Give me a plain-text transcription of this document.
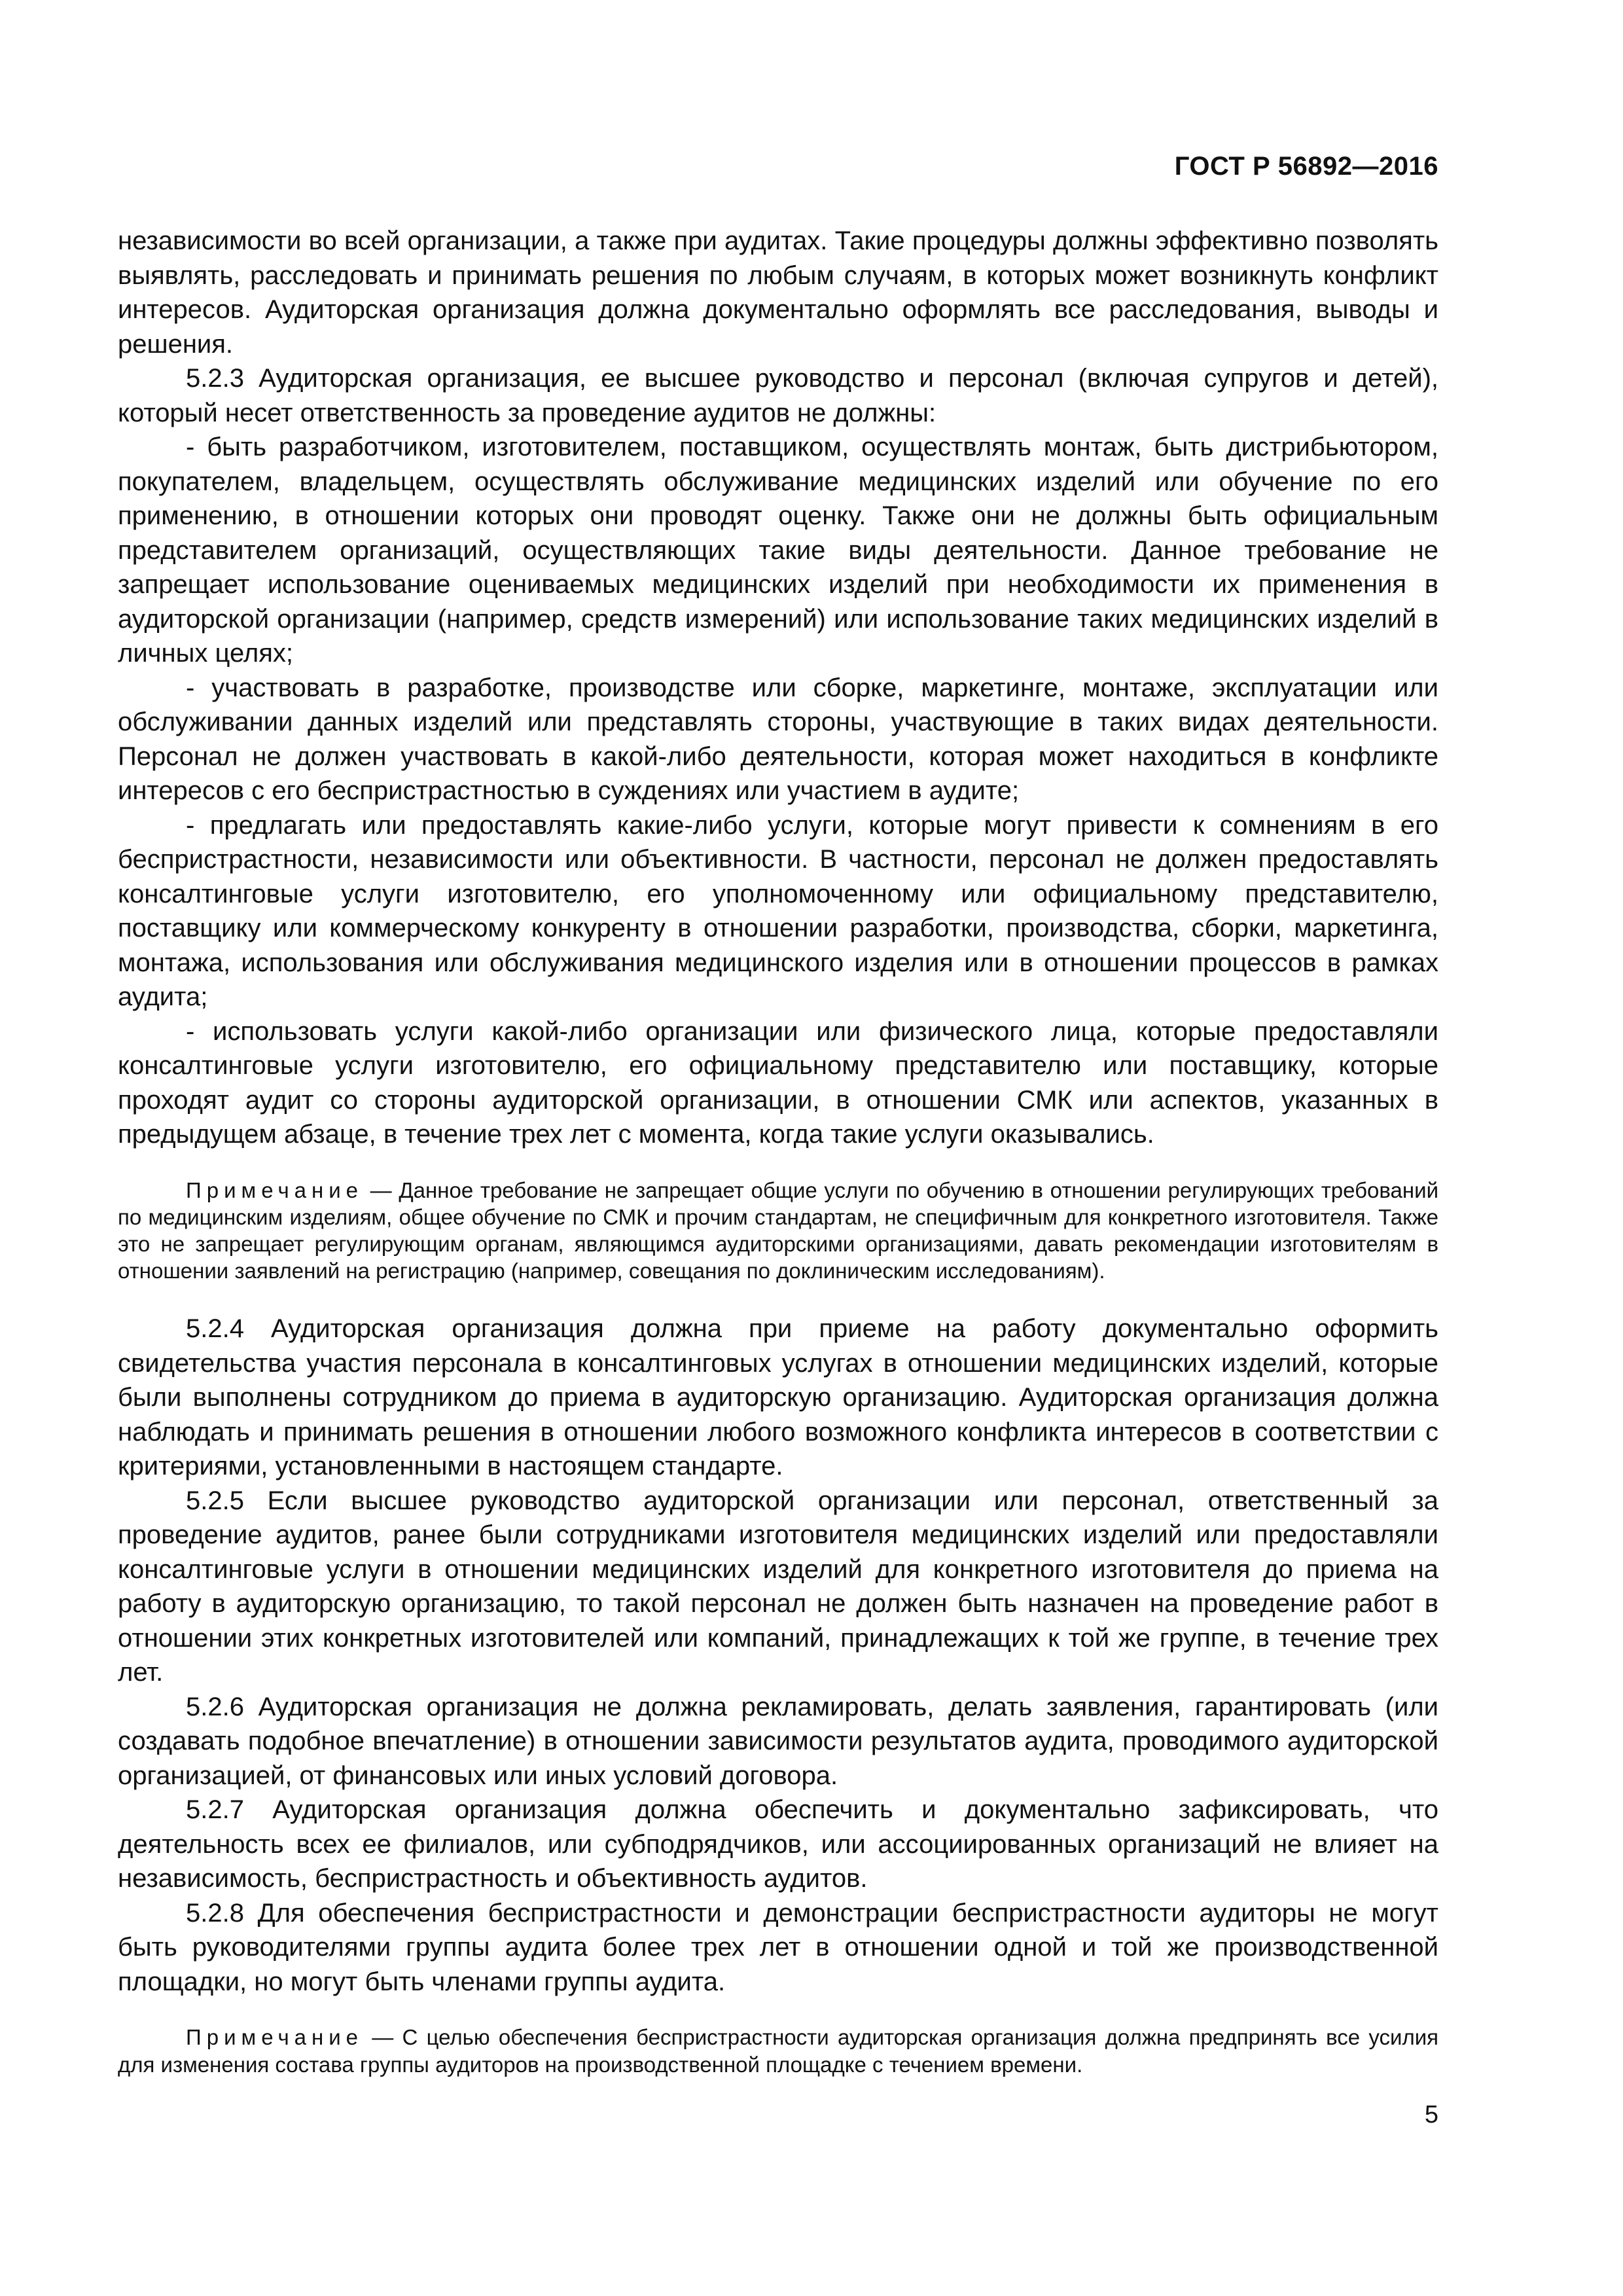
ГОСТ Р 56892—2016

независимости во всей организации, а также при аудитах. Такие процедуры должны эффективно позволять выявлять, расследовать и принимать решения по любым случаям, в которых может возникнуть конфликт интересов. Аудиторская организация должна документально оформлять все расследования, выводы и решения.

5.2.3 Аудиторская организация, ее высшее руководство и персонал (включая супругов и детей), который несет ответственность за проведение аудитов не должны:

- быть разработчиком, изготовителем, поставщиком, осуществлять монтаж, быть дистрибьютором, покупателем, владельцем, осуществлять обслуживание медицинских изделий или обучение по его применению, в отношении которых они проводят оценку. Также они не должны быть официальным представителем организаций, осуществляющих такие виды деятельности. Данное требование не запрещает использование оцениваемых медицинских изделий при необходимости их применения в аудиторской организации (например, средств измерений) или использование таких медицинских изделий в личных целях;

- участвовать в разработке, производстве или сборке, маркетинге, монтаже, эксплуатации или обслуживании данных изделий или представлять стороны, участвующие в таких видах деятельности. Персонал не должен участвовать в какой-либо деятельности, которая может находиться в конфликте интересов с его беспристрастностью в суждениях или участием в аудите;

- предлагать или предоставлять какие-либо услуги, которые могут привести к сомнениям в его беспристрастности, независимости или объективности. В частности, персонал не должен предоставлять консалтинговые услуги изготовителю, его уполномоченному или официальному представителю, поставщику или коммерческому конкуренту в отношении разработки, производства, сборки, маркетинга, монтажа, использования или обслуживания медицинского изделия или в отношении процессов в рамках аудита;

- использовать услуги какой-либо организации или физического лица, которые предоставляли консалтинговые услуги изготовителю, его официальному представителю или поставщику, которые проходят аудит со стороны аудиторской организации, в отношении СМК или аспектов, указанных в предыдущем абзаце, в течение трех лет с момента, когда такие услуги оказывались.

Примечание — Данное требование не запрещает общие услуги по обучению в отношении регулирующих требований по медицинским изделиям, общее обучение по СМК и прочим стандартам, не специфичным для конкретного изготовителя. Также это не запрещает регулирующим органам, являющимся аудиторскими организациями, давать рекомендации изготовителям в отношении заявлений на регистрацию (например, совещания по доклиническим исследованиям).

5.2.4 Аудиторская организация должна при приеме на работу документально оформить свидетельства участия персонала в консалтинговых услугах в отношении медицинских изделий, которые были выполнены сотрудником до приема в аудиторскую организацию. Аудиторская организация должна наблюдать и принимать решения в отношении любого возможного конфликта интересов в соответствии с критериями, установленными в настоящем стандарте.

5.2.5 Если высшее руководство аудиторской организации или персонал, ответственный за проведение аудитов, ранее были сотрудниками изготовителя медицинских изделий или предоставляли консалтинговые услуги в отношении медицинских изделий для конкретного изготовителя до приема на работу в аудиторскую организацию, то такой персонал не должен быть назначен на проведение работ в отношении этих конкретных изготовителей или компаний, принадлежащих к той же группе, в течение трех лет.

5.2.6 Аудиторская организация не должна рекламировать, делать заявления, гарантировать (или создавать подобное впечатление) в отношении зависимости результатов аудита, проводимого аудиторской организацией, от финансовых или иных условий договора.

5.2.7 Аудиторская организация должна обеспечить и документально зафиксировать, что деятельность всех ее филиалов, или субподрядчиков, или ассоциированных организаций не влияет на независимость, беспристрастность и объективность аудитов.

5.2.8 Для обеспечения беспристрастности и демонстрации беспристрастности аудиторы не могут быть руководителями группы аудита более трех лет в отношении одной и той же производственной площадки, но могут быть членами группы аудита.

Примечание — С целью обеспечения беспристрастности аудиторская организация должна предпринять все усилия для изменения состава группы аудиторов на производственной площадке с течением времени.

5
